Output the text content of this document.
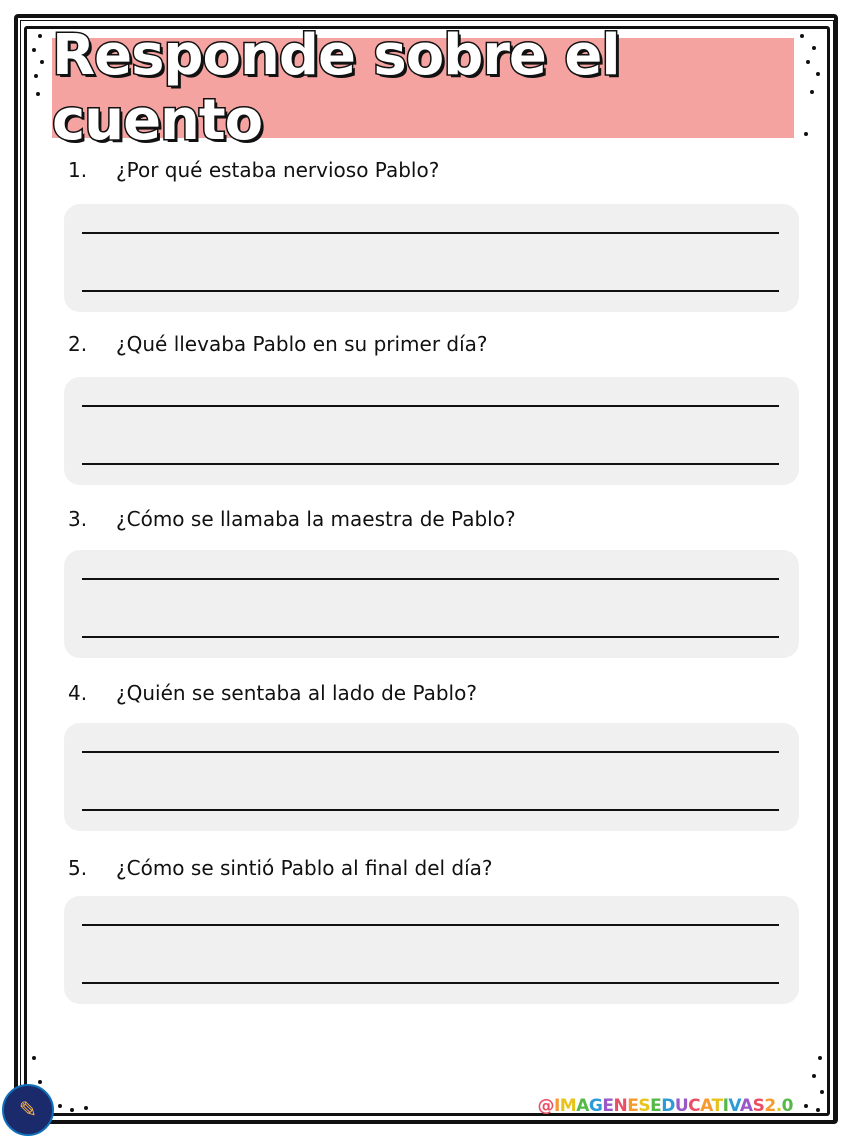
Responde sobre el cuento
1. ¿Por qué estaba nervioso Pablo?
2. ¿Qué llevaba Pablo en su primer día?
3. ¿Cómo se llamaba la maestra de Pablo?
4. ¿Quién se sentaba al lado de Pablo?
5. ¿Cómo se sintió Pablo al final del día?
✎	@IMAGENESEDUCATIVAS2.0
